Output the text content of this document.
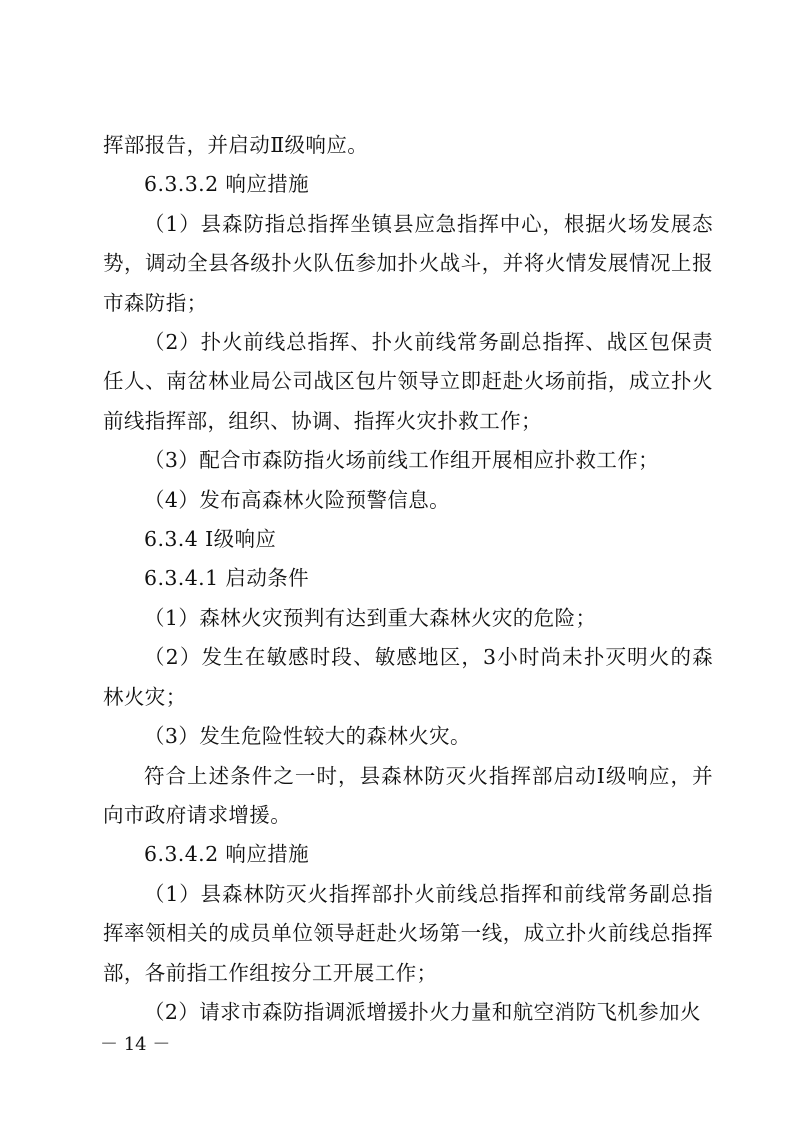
挥部报告，并启动Ⅱ级响应。

6.3.3.2 响应措施

（1）县森防指总指挥坐镇县应急指挥中心，根据火场发展态势，调动全县各级扑火队伍参加扑火战斗，并将火情发展情况上报市森防指；

（2）扑火前线总指挥、扑火前线常务副总指挥、战区包保责任人、南岔林业局公司战区包片领导立即赶赴火场前指，成立扑火前线指挥部，组织、协调、指挥火灾扑救工作；

（3）配合市森防指火场前线工作组开展相应扑救工作；

（4）发布高森林火险预警信息。

6.3.4 Ⅰ级响应

6.3.4.1 启动条件

（1）森林火灾预判有达到重大森林火灾的危险；

（2）发生在敏感时段、敏感地区，3小时尚未扑灭明火的森林火灾；

（3）发生危险性较大的森林火灾。

符合上述条件之一时，县森林防灭火指挥部启动Ⅰ级响应，并向市政府请求增援。

6.3.4.2 响应措施

（1）县森林防灭火指挥部扑火前线总指挥和前线常务副总指挥率领相关的成员单位领导赶赴火场第一线，成立扑火前线总指挥部，各前指工作组按分工开展工作；

（2）请求市森防指调派增援扑火力量和航空消防飞机参加火

－ 14 －
